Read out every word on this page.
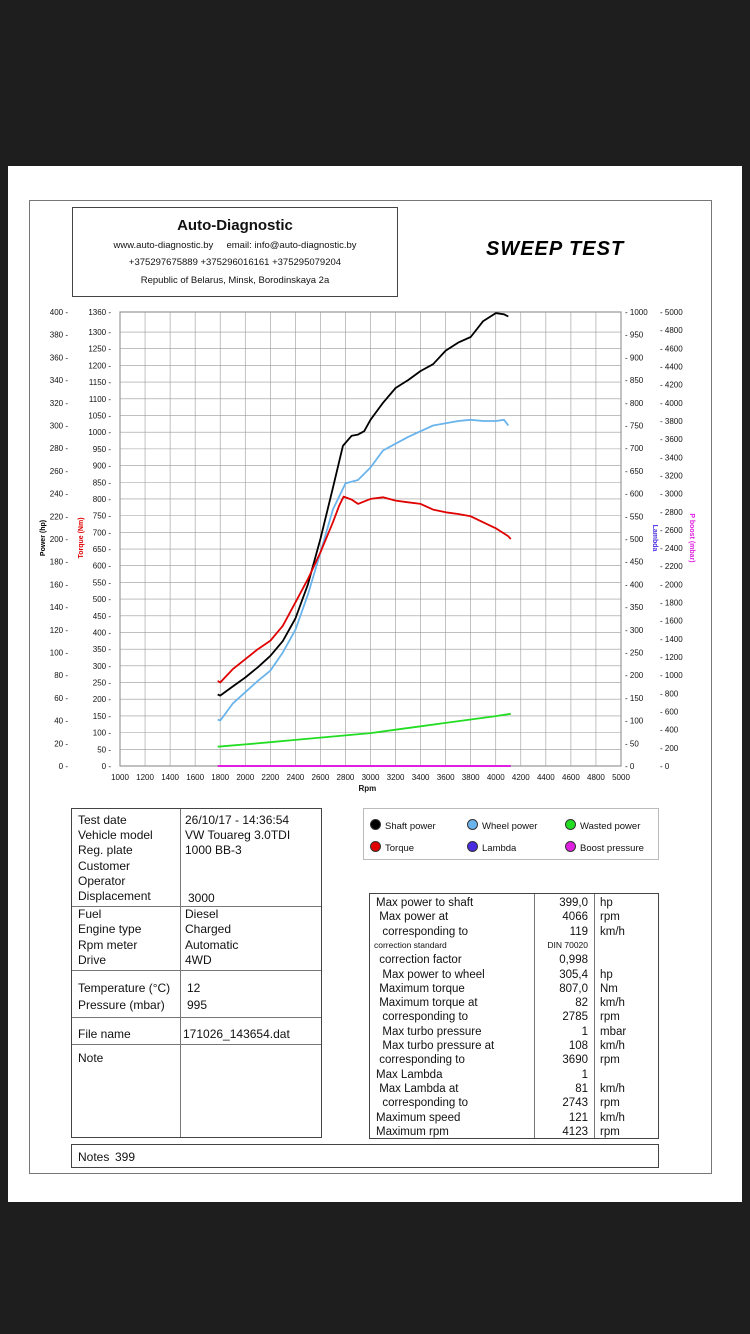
Auto-Diagnostic
www.auto-diagnostic.by     email: info@auto-diagnostic.by
+375297675889 +375296016161 +375295079204
Republic of Belarus, Minsk, Borodinskaya 2a
SWEEP TEST
1000 1200 1400 1600 1800 2000 2200 2400 2600 2800 3000 3200 3400 3600 3800 4000 4200 4400 4600 4800 5000
Rpm
0 -
20 -
40 -
60 -
80 -
100 -
120 -
140 -
160 -
180 -
200 -
220 -
240 -
260 -
280 -
300 -
320 -
340 -
360 -
380 -
400 -
0 -
50 -
100 -
150 -
200 -
250 -
300 -
350 -
400 -
450 -
500 -
550 -
600 -
650 -
700 -
750 -
800 -
850 -
900 -
950 -
1000 -
1050 -
1100 -
1150 -
1200 -
1250 -
1300 -
1360 -
- 0
- 50
- 100
- 150
- 200
- 250
- 300
- 350
- 400
- 450
- 500
- 550
- 600
- 650
- 700
- 750
- 800
- 850
- 900
- 950
- 1000
- 0
- 200
- 400
- 600
- 800
- 1000
- 1200
- 1400
- 1600
- 1800
- 2000
- 2200
- 2400
- 2600
- 2800
- 3000
- 3200
- 3400
- 3600
- 3800
- 4000
- 4200
- 4400
- 4600
- 4800
- 5000
Power (hp)	Torque (Nm)	Lambda	P boost (mbar)
Test date	26/10/17 - 14:36:54
Vehicle model	VW Touareg 3.0TDI
Reg. plate	1000 BB-3
Customer
Operator
Displacement	3000
Fuel	Diesel
Engine type	Charged
Rpm meter	Automatic
Drive	4WD
Temperature (°C) 12
Pressure (mbar) 995
File name	171026_143654.dat
Note
Shaft power	Wheel power	Wasted power
Torque	Lambda	Boost pressure
Max power to shaft	399,0 hp
Max power at	4066 rpm
corresponding to	119 km/h
correction standard	DIN 70020
correction factor	0,998
Max power to wheel	305,4 hp
Maximum torque	807,0 Nm
Maximum torque at	82 km/h
corresponding to	2785 rpm
Max turbo pressure	1 mbar
Max turbo pressure at	108 km/h
corresponding to	3690 rpm
Max Lambda	1
Max Lambda at	81 km/h
corresponding to	2743 rpm
Maximum speed	121 km/h
Maximum rpm	4123 rpm
Notes 399
